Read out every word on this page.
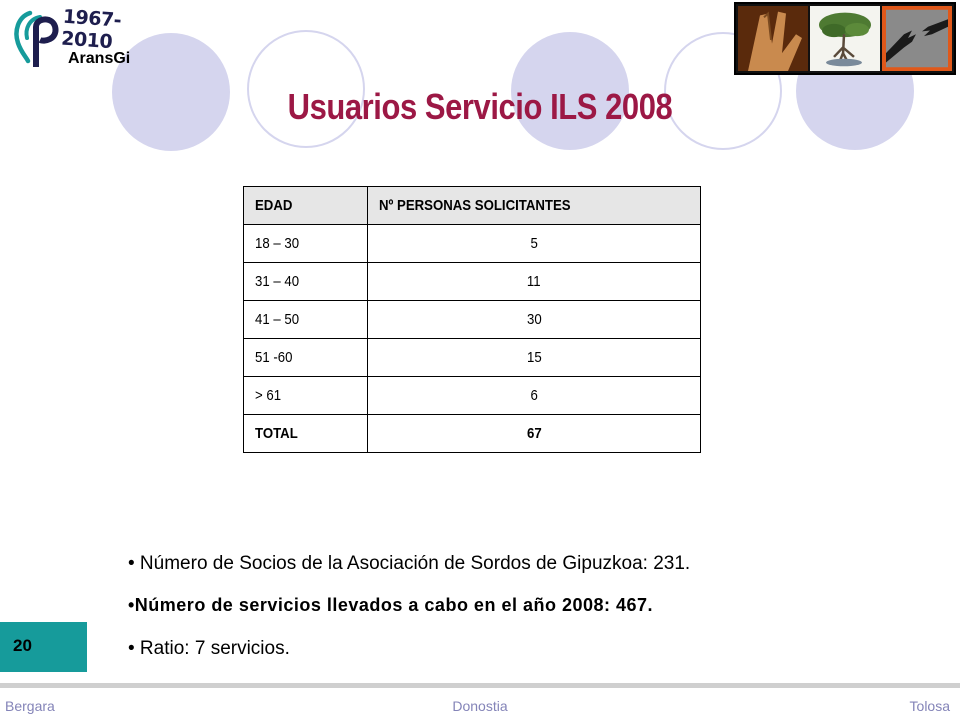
1967-2010
AransGi
Usuarios Servicio ILS 2008
EDAD	Nº PERSONAS SOLICITANTES
18 – 30	5
31 – 40	11
41 – 50	30
51 -60	15
> 61	6
TOTAL	67
20
• Número de Socios de la Asociación de Sordos de Gipuzkoa: 231.
•Número de servicios llevados a cabo en el año 2008: 467.
• Ratio: 7 servicios.
Donostia
Bergara	Tolosa
